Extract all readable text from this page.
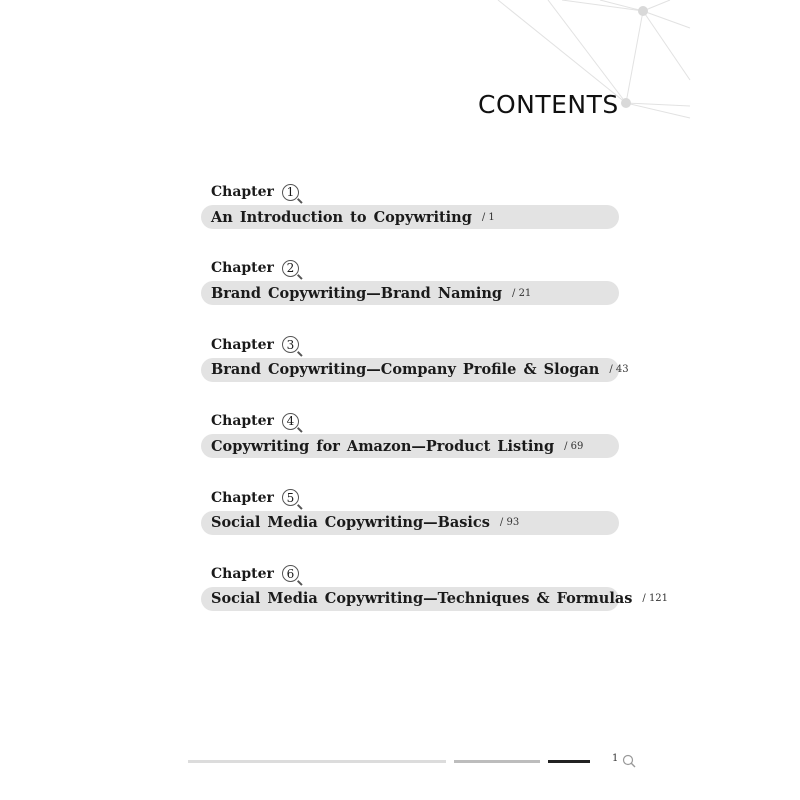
CONTENTS
Chapter 1
An Introduction to Copywriting / 1
Chapter 2
Brand Copywriting—Brand Naming / 21
Chapter 3
Brand Copywriting—Company Profile & Slogan / 43
Chapter 4
Copywriting for Amazon—Product Listing / 69
Chapter 5
Social Media Copywriting—Basics / 93
Chapter 6
Social Media Copywriting—Techniques & Formulas / 121
1
